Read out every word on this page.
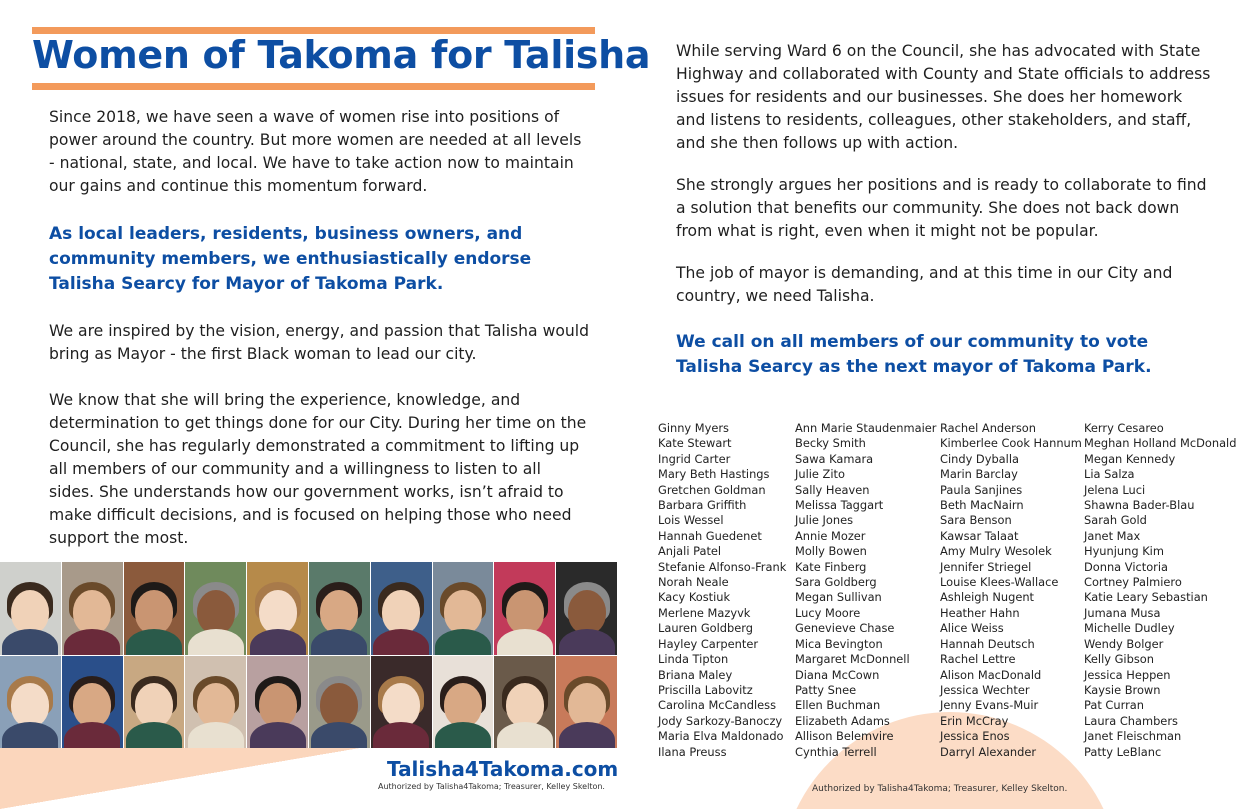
Women of Takoma for Talisha

Since 2018, we have seen a wave of women rise into positions of power around the country. But more women are needed at all levels - national, state, and local. We have to take action now to maintain our gains and continue this momentum forward.

As local leaders, residents, business owners, and community members, we enthusiastically endorse Talisha Searcy for Mayor of Takoma Park.

We are inspired by the vision, energy, and passion that Talisha would bring as Mayor - the first Black woman to lead our city.

We know that she will bring the experience, knowledge, and determination to get things done for our City. During her time on the Council, she has regularly demonstrated a commitment to lifting up all members of our community and a willingness to listen to all sides. She understands how our government works, isn’t afraid to make difficult decisions, and is focused on helping those who need support the most.

While serving Ward 6 on the Council, she has advocated with State Highway and collaborated with County and State officials to address issues for residents and our businesses. She does her homework and listens to residents, colleagues, other stakeholders, and staff, and she then follows up with action.

She strongly argues her positions and is ready to collaborate to find a solution that benefits our community. She does not back down from what is right, even when it might not be popular.

The job of mayor is demanding, and at this time in our City and country, we need Talisha.

We call on all members of our community to vote Talisha Searcy as the next mayor of Takoma Park.

Talisha4Takoma.com
Authorized by Talisha4Takoma; Treasurer, Kelley Skelton.	Authorized by Talisha4Takoma; Treasurer, Kelley Skelton.
Ginny Myers
Kate Stewart
Ingrid Carter
Mary Beth Hastings
Gretchen Goldman
Barbara Griffith
Lois Wessel
Hannah Guedenet
Anjali Patel
Stefanie Alfonso-Frank
Norah Neale
Kacy Kostiuk
Merlene Mazyvk
Lauren Goldberg
Hayley Carpenter
Linda Tipton
Briana Maley
Priscilla Labovitz
Carolina McCandless
Jody Sarkozy-Banoczy
Maria Elva Maldonado
Ilana Preuss
Ann Marie Staudenmaier
Becky Smith
Sawa Kamara
Julie Zito
Sally Heaven
Melissa Taggart
Julie Jones
Annie Mozer
Molly Bowen
Kate Finberg
Sara Goldberg
Megan Sullivan
Lucy Moore
Genevieve Chase
Mica Bevington
Margaret McDonnell
Diana McCown
Patty Snee
Ellen Buchman
Elizabeth Adams
Allison Belemvire
Cynthia Terrell
Rachel Anderson
Kimberlee Cook Hannum
Cindy Dyballa
Marin Barclay
Paula Sanjines
Beth MacNairn
Sara Benson
Kawsar Talaat
Amy Mulry Wesolek
Jennifer Striegel
Louise Klees-Wallace
Ashleigh Nugent
Heather Hahn
Alice Weiss
Hannah Deutsch
Rachel Lettre
Alison MacDonald
Jessica Wechter
Jenny Evans-Muir
Erin McCray
Jessica Enos
Darryl Alexander
Kerry Cesareo
Meghan Holland McDonald
Megan Kennedy
Lia Salza
Jelena Luci
Shawna Bader-Blau
Sarah Gold
Janet Max
Hyunjung Kim
Donna Victoria
Cortney Palmiero
Katie Leary Sebastian
Jumana Musa
Michelle Dudley
Wendy Bolger
Kelly Gibson
Jessica Heppen
Kaysie Brown
Pat Curran
Laura Chambers
Janet Fleischman
Patty LeBlanc
